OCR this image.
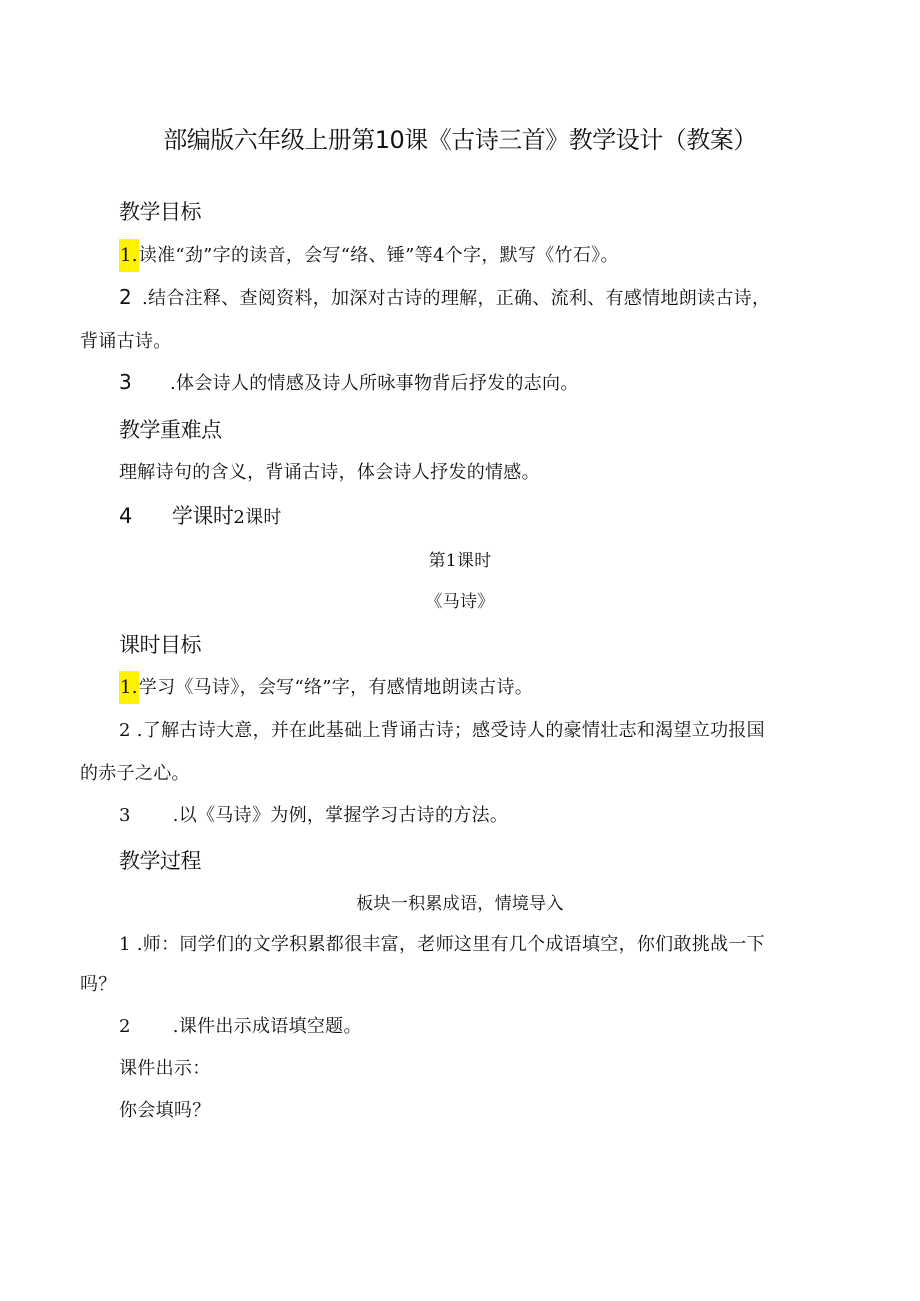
部编版六年级上册第10课《古诗三首》教学设计（教案）
教学目标
1.读准“劲”字的读音，会写“络、锤”等4个字，默写《竹石》。
2 .结合注释、查阅资料，加深对古诗的理解，正确、流利、有感情地朗读古诗，
背诵古诗。
3 .体会诗人的情感及诗人所咏事物背后抒发的志向。
教学重难点
理解诗句的含义，背诵古诗，体会诗人抒发的情感。
4 学课时2课时
第1课时
《马诗》
课时目标
1.学习《马诗》，会写“络”字，有感情地朗读古诗。
2 .了解古诗大意，并在此基础上背诵古诗；感受诗人的豪情壮志和渴望立功报国
的赤子之心。
3 .以《马诗》为例，掌握学习古诗的方法。
教学过程
板块一积累成语，情境导入
1 .师：同学们的文学积累都很丰富，老师这里有几个成语填空，你们敢挑战一下
吗？
2 .课件出示成语填空题。
课件出示：
你会填吗？
